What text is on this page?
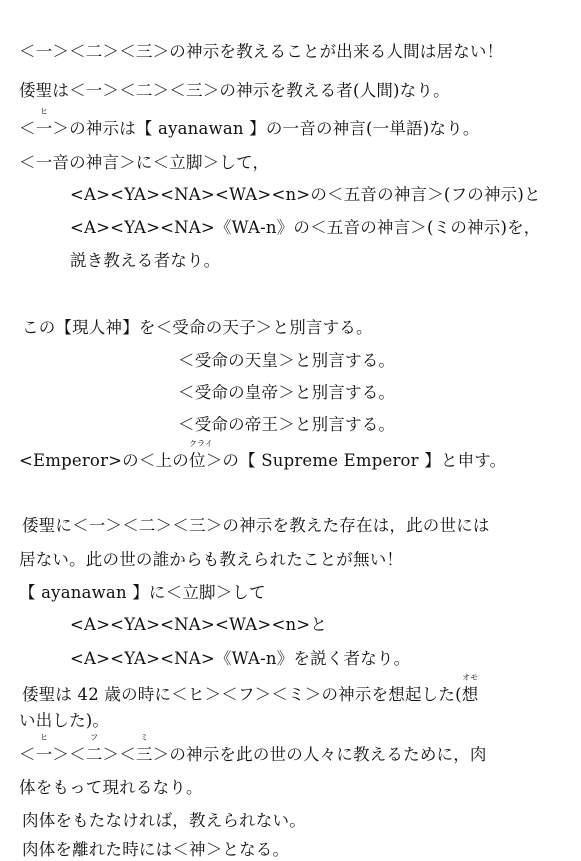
＜一＞＜二＞＜三＞の神示を教えることが出来る人間は居ない！
倭聖は＜一＞＜二＞＜三＞の神示を教える者(人間)なり。
＜
ヒ
一＞の神示は【 ayanawan 】の一音の神言(一単語)なり。
＜一音の神言＞に＜立脚＞して，
<A><YA><NA><WA><n>の＜五音の神言＞(フの神示)と
<A><YA><NA>《WA-n》の＜五音の神言＞(ミの神示)を，
説き教える者なり。
この【現人神】を＜受命の天子＞と別言する。
＜受命の天皇＞と別言する。
＜受命の皇帝＞と別言する。
＜受命の帝王＞と別言する。
<Emperor>の＜上の
クライ
位＞の【 Supreme Emperor 】と申す。
倭聖に＜一＞＜二＞＜三＞の神示を教えた存在は，此の世には
居ない。此の世の誰からも教えられたことが無い！
【 ayanawan 】に＜立脚＞して
<A><YA><NA><WA><n>と
<A><YA><NA>《WA-n》を説く者なり。
倭聖は 42 歳の時に＜ヒ＞＜フ＞＜ミ＞の神示を想起した(
オモ
想
い出した)。
＜
ヒ
一＞＜
フ
二＞＜
ミ
三＞の神示を此の世の人々に教えるために，肉
体をもって現れるなり。
肉体をもたなければ，教えられない。
肉体を離れた時には＜神＞となる。
